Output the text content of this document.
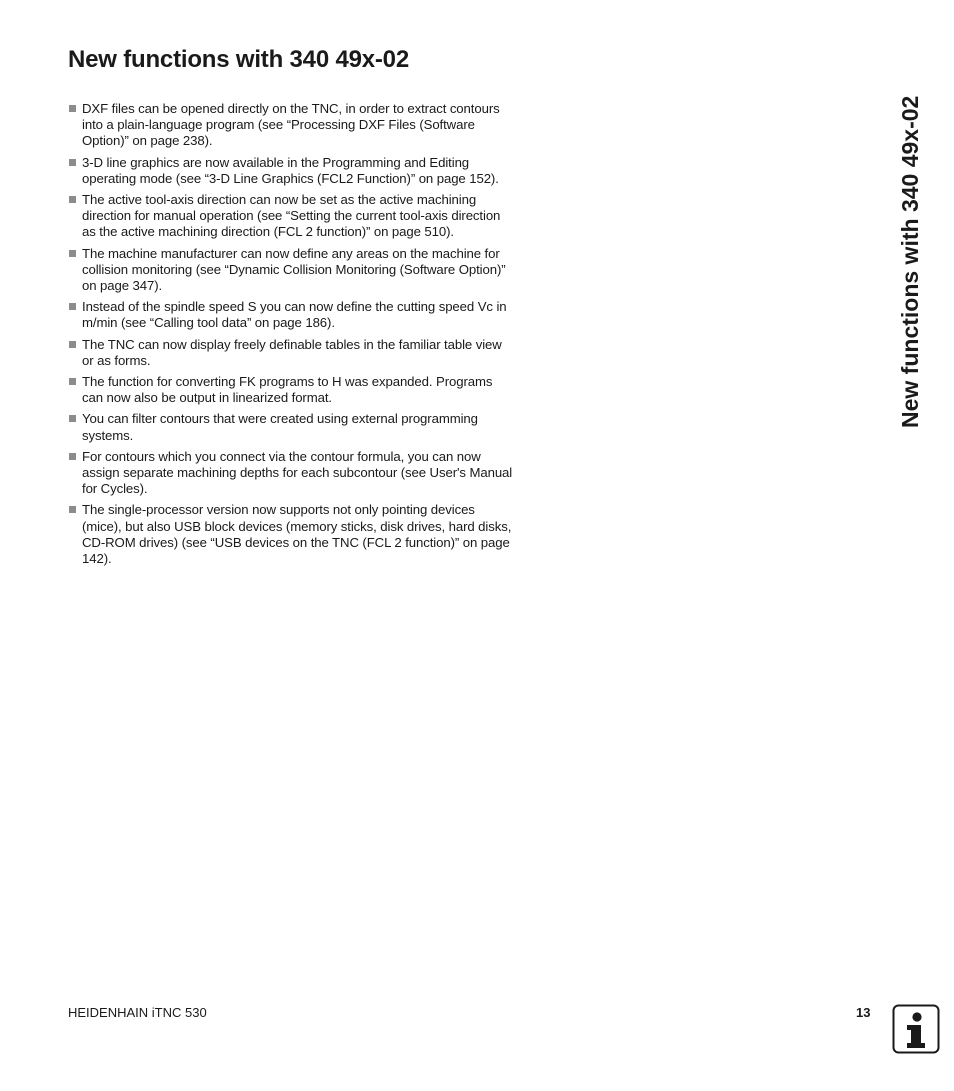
New functions with 340 49x-02
DXF files can be opened directly on the TNC, in order to extract contours into a plain-language program (see “Processing DXF Files (Software Option)” on page 238).
3-D line graphics are now available in the Programming and Editing operating mode (see “3-D Line Graphics (FCL2 Function)” on page 152).
The active tool-axis direction can now be set as the active machining direction for manual operation (see “Setting the current tool-axis direction as the active machining direction (FCL 2 function)” on page 510).
The machine manufacturer can now define any areas on the machine for collision monitoring (see “Dynamic Collision Monitoring (Software Option)” on page 347).
Instead of the spindle speed S you can now define the cutting speed Vc in m/min (see “Calling tool data” on page 186).
The TNC can now display freely definable tables in the familiar table view or as forms.
The function for converting FK programs to H was expanded. Programs can now also be output in linearized format.
You can filter contours that were created using external programming systems.
For contours which you connect via the contour formula, you can now assign separate machining depths for each subcontour (see User's Manual for Cycles).
The single-processor version now supports not only pointing devices (mice), but also USB block devices (memory sticks, disk drives, hard disks, CD-ROM drives) (see “USB devices on the TNC (FCL 2 function)” on page 142).
New functions with 340 49x-02
HEIDENHAIN iTNC 530	13
